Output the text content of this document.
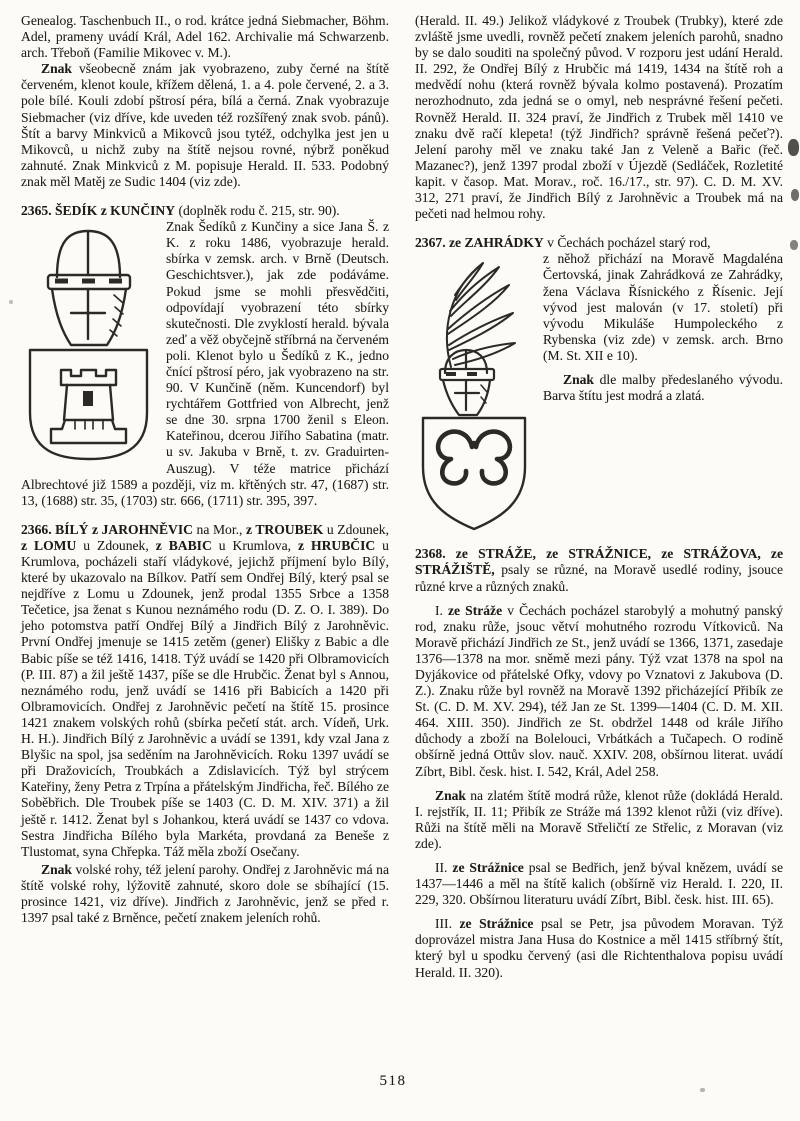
Genealog. Taschenbuch II., o rod. krátce jedná Siebmacher, Böhm. Adel, prameny uvádí Král, Adel 162. Archivalie má Schwarzenb. arch. Třeboň (Familie Mikovec v. M.).

Znak všeobecně znám jak vyobrazeno, zuby černé na štítě červeném, klenot koule, křížem dělená, 1. a 4. pole červené, 2. a 3. pole bílé. Kouli zdobí pštrosí péra, bílá a černá. Znak vyobrazuje Siebmacher (viz dříve, kde uveden též rozšířený znak svob. pánů). Štít a barvy Minkviců a Mikovců jsou tytéž, odchylka jest jen u Mikovců, u nichž zuby na štítě nejsou rovné, nýbrž poněkud zahnuté. Znak Minkviců z M. popisuje Herald. II. 533. Podobný znak měl Matěj ze Sudic 1404 (viz zde).

2365. ŠEDÍK z KUNČINY (doplněk rodu č. 215, str. 90).

Znak Šedíků z Kunčiny a sice Jana Š. z K. z roku 1486, vyobrazuje herald. sbírka v zemsk. arch. v Brně (Deutsch. Geschichtsver.), jak zde podáváme. Pokud jsme se mohli přesvědčiti, odpovídají vyobrazení této sbírky skutečnosti. Dle zvyklostí herald. bývala zeď a věž obyčejně stříbrná na červeném poli. Klenot bylo u Šedíků z K., jedno čnící pštrosí péro, jak vyobrazeno na str. 90. V Kunčině (něm. Kuncendorf) byl rychtářem Gottfried von Albrecht, jenž se dne 30. srpna 1700 ženil s Eleon. Kateřinou, dcerou Jiřího Sabatina (matr. u sv. Jakuba v Brně, t. zv. Graduirten-Auszug). V téže matrice přichází Albrechtové již 1589 a později, viz m. křtěných str. 47, (1687) str. 13, (1688) str. 35, (1703) str. 666, (1711) str. 395, 397.

2366. BÍLÝ z JAROHNĚVIC na Mor., z TROUBEK u Zdounek, z LOMU u Zdounek, z BABIC u Krumlova, z HRUBČIC u Krumlova, pocházeli staří vládykové, jejichž příjmení bylo Bílý, které by ukazovalo na Bílkov. Patří sem Ondřej Bílý, který psal se nejdříve z Lomu u Zdounek, jenž prodal 1355 Srbce a 1358 Tečetice, jsa ženat s Kunou neznámého rodu (D. Z. O. I. 389). Do jeho potomstva patří Ondřej Bílý a Jindřich Bílý z Jarohněvic. První Ondřej jmenuje se 1415 zetěm (gener) Elišky z Babic a dle Babic píše se též 1416, 1418. Týž uvádí se 1420 při Olbramovicích (P. III. 87) a žil ještě 1437, píše se dle Hrubčic. Ženat byl s Annou, neznámého rodu, jenž uvádí se 1416 při Babicích a 1420 při Olbramovicích. Ondřej z Jarohněvic pečetí na štítě 15. prosince 1421 znakem volských rohů (sbírka pečetí stát. arch. Vídeň, Urk. H. H.). Jindřich Bílý z Jarohněvic a uvádí se 1391, kdy vzal Jana z Blyšic na spol, jsa seděním na Jarohněvicích. Roku 1397 uvádí se při Dražovicích, Troubkách a Zdislavicích. Týž byl strýcem Kateřiny, ženy Petra z Trpína a přátelským Jindřicha, řeč. Bílého ze Soběbřich. Dle Troubek píše se 1403 (C. D. M. XIV. 371) a žil ještě r. 1412. Ženat byl s Johankou, která uvádí se 1437 co vdova. Sestra Jindřicha Bílého byla Markéta, provdaná za Beneše z Tlustomat, syna Chřepka. Táž měla zboží Osečany.

Znak volské rohy, též jelení parohy. Ondřej z Jarohněvic má na štítě volské rohy, lýžovitě zahnuté, skoro dole se sbíhající (15. prosince 1421, viz dříve). Jindřich z Jarohněvic, jenž se před r. 1397 psal také z Brněnce, pečetí znakem jeleních rohů.

(Herald. II. 49.) Jelikož vládykové z Troubek (Trubky), které zde zvláště jsme uvedli, rovněž pečetí znakem jeleních parohů, snadno by se dalo souditi na společný původ. V rozporu jest udání Herald. II. 292, že Ondřej Bílý z Hrubčic má 1419, 1434 na štítě roh a medvědí nohu (která rovněž bývala kolmo postavená). Prozatím nerozhodnuto, zda jedná se o omyl, neb nesprávné řešení pečeti. Rovněž Herald. II. 324 praví, že Jindřich z Trubek měl 1410 ve znaku dvě račí klepeta! (týž Jindřich? správně řešená pečeť?). Jelení parohy měl ve znaku také Jan z Veleně a Bařic (řeč. Mazanec?), jenž 1397 prodal zboží v Újezdě (Sedláček, Rozletité kapit. v časop. Mat. Morav., roč. 16./17., str. 97). C. D. M. XV. 312, 271 praví, že Jindřich Bílý z Jarohněvic a Troubek má na pečeti nad helmou rohy.

2367. ze ZAHRÁDKY v Čechách pocházel starý rod,

z něhož přichází na Moravě Magdaléna Čertovská, jinak Zahrádková ze Zahrádky, žena Václava Řísnického z Řísenic. Její vývod jest malován (v 17. století) při vývodu Mikuláše Humpoleckého z Rybenska (viz zde) v zemsk. arch. Brno (M. St. XII e 10).

Znak dle malby předeslaného vývodu. Barva štítu jest modrá a zlatá.

2368. ze STRÁŽE, ze STRÁŽNICE, ze STRÁŽOVA, ze STRÁŽIŠTĚ, psaly se různé, na Moravě usedlé rodiny, jsouce různé krve a různých znaků.

I. ze Stráže v Čechách pocházel starobylý a mohutný panský rod, znaku růže, jsouc větví mohutného rozrodu Vítkoviců. Na Moravě přichází Jindřich ze St., jenž uvádí se 1366, 1371, zasedaje 1376—1378 na mor. sněmě mezi pány. Týž vzat 1378 na spol na Dyjákovice od přátelské Ofky, vdovy po Vznatovi z Jakubova (D. Z.). Znaku růže byl rovněž na Moravě 1392 přicházející Přibík ze St. (C. D. M. XV. 294), též Jan ze St. 1399—1404 (C. D. M. XII. 464. XIII. 350). Jindřich ze St. obdržel 1448 od krále Jiřího důchody a zboží na Bolelouci, Vrbátkách a Tučapech. O rodině obšírně jedná Ottův slov. nauč. XXIV. 208, obšírnou literat. uvádí Zíbrt, Bibl. česk. hist. I. 542, Král, Adel 258.

Znak na zlatém štítě modrá růže, klenot růže (dokládá Herald. I. rejstřík, II. 11; Přibík ze Stráže má 1392 klenot růži (viz dříve). Růži na štítě měli na Moravě Střeličtí ze Střelic, z Moravan (viz zde).

II. ze Strážnice psal se Bedřich, jenž býval knězem, uvádí se 1437—1446 a měl na štítě kalich (obšírně viz Herald. I. 220, II. 229, 320. Obšírnou literaturu uvádí Zíbrt, Bibl. česk. hist. III. 65).

III. ze Strážnice psal se Petr, jsa původem Moravan. Týž doprovázel mistra Jana Husa do Kostnice a měl 1415 stříbrný štít, který byl u spodku červený (asi dle Richtenthalova popisu uvádí Herald. II. 320).

518
